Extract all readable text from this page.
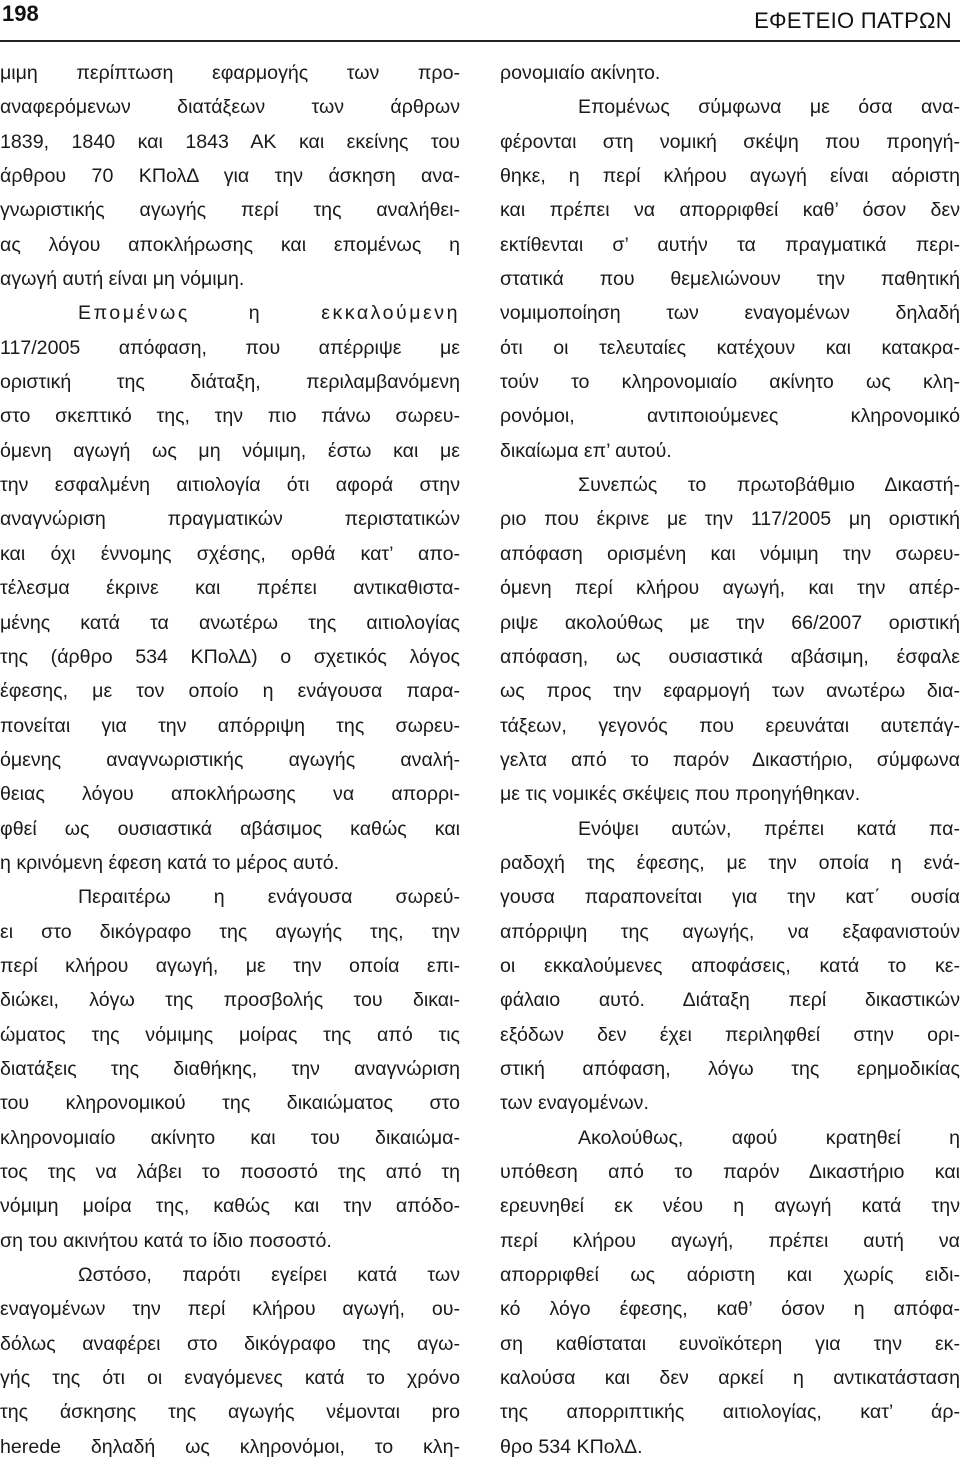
198	ΕΦΕΤΕΙΟ ΠΑΤΡΩΝ
μιμη περίπτωση εφαρμογής των προ-
αναφερόμενων διατάξεων των άρθρων
1839, 1840 και 1843 ΑΚ και εκείνης του
άρθρου 70 ΚΠολΔ για την άσκηση ανα-
γνωριστικής αγωγής περί της αναλήθει-
ας λόγου αποκλήρωσης και επομένως η
αγωγή αυτή είναι μη νόμιμη.
Επομένως η εκκαλούμενη
117/2005 απόφαση, που απέρριψε με
οριστική της διάταξη, περιλαμβανόμενη
στο σκεπτικό της, την πιο πάνω σωρευ-
όμενη αγωγή ως μη νόμιμη, έστω και με
την εσφαλμένη αιτιολογία ότι αφορά στην
αναγνώριση πραγματικών περιστατικών
και όχι έννομης σχέσης, ορθά κατ’ απο-
τέλεσμα έκρινε και πρέπει αντικαθιστα-
μένης κατά τα ανωτέρω της αιτιολογίας
της (άρθρο 534 ΚΠολΔ) ο σχετικός λόγος
έφεσης, με τον οποίο η ενάγουσα παρα-
πονείται για την απόρριψη της σωρευ-
όμενης αναγνωριστικής αγωγής αναλή-
θειας λόγου αποκλήρωσης να απορρι-
φθεί ως ουσιαστικά αβάσιμος καθώς και
η κρινόμενη έφεση κατά το μέρος αυτό.
Περαιτέρω η ενάγουσα σωρεύ-
ει στο δικόγραφο της αγωγής της, την
περί κλήρου αγωγή, με την οποία επι-
διώκει, λόγω της προσβολής του δικαι-
ώματος της νόμιμης μοίρας της από τις
διατάξεις της διαθήκης, την αναγνώριση
του κληρονομικού της δικαιώματος στο
κληρονομιαίο ακίνητο και του δικαιώμα-
τος της να λάβει το ποσοστό της από τη
νόμιμη μοίρα της, καθώς και την απόδο-
ση του ακινήτου κατά το ίδιο ποσοστό.
Ωστόσο, παρότι εγείρει κατά των
εναγομένων την περί κλήρου αγωγή, ου-
δόλως αναφέρει στο δικόγραφο της αγω-
γής της ότι οι εναγόμενες κατά το χρόνο
της άσκησης της αγωγής νέμονται pro
herede δηλαδή ως κληρονόμοι, το κλη-
ρονομιαίο ακίνητο.
Επομένως σύμφωνα με όσα ανα-
φέρονται στη νομική σκέψη που προηγή-
θηκε, η περί κλήρου αγωγή είναι αόριστη
και πρέπει να απορριφθεί καθ’ όσον δεν
εκτίθενται σ’ αυτήν τα πραγματικά περι-
στατικά που θεμελιώνουν την παθητική
νομιμοποίηση των εναγομένων δηλαδή
ότι οι τελευταίες κατέχουν και κατακρα-
τούν το κληρονομιαίο ακίνητο ως κλη-
ρονόμοι, αντιποιούμενες κληρονομικό
δικαίωμα επ’ αυτού.
Συνεπώς το πρωτοβάθμιο Δικαστή-
ριο που έκρινε με την 117/2005 μη οριστική
απόφαση ορισμένη και νόμιμη την σωρευ-
όμενη περί κλήρου αγωγή, και την απέρ-
ριψε ακολούθως με την 66/2007 οριστική
απόφαση, ως ουσιαστικά αβάσιμη, έσφαλε
ως προς την εφαρμογή των ανωτέρω δια-
τάξεων, γεγονός που ερευνάται αυτεπάγ-
γελτα από το παρόν Δικαστήριο, σύμφωνα
με τις νομικές σκέψεις που προηγήθηκαν.
Ενόψει αυτών, πρέπει κατά πα-
ραδοχή της έφεσης, με την οποία η ενά-
γουσα παραπονείται για την κατ΄ ουσία
απόρριψη της αγωγής, να εξαφανιστούν
οι εκκαλούμενες αποφάσεις, κατά το κε-
φάλαιο αυτό. Διάταξη περί δικαστικών
εξόδων δεν έχει περιληφθεί στην ορι-
στική απόφαση, λόγω της ερημοδικίας
των εναγομένων.
Ακολούθως, αφού κρατηθεί η
υπόθεση από το παρόν Δικαστήριο και
ερευνηθεί εκ νέου η αγωγή κατά την
περί κλήρου αγωγή, πρέπει αυτή να
απορριφθεί ως αόριστη και χωρίς ειδι-
κό λόγο έφεσης, καθ’ όσον η απόφα-
ση καθίσταται ευνοϊκότερη για την εκ-
καλούσα και δεν αρκεί η αντικατάσταση
της απορριπτικής αιτιολογίας, κατ’ άρ-
θρο 534 ΚΠολΔ.
